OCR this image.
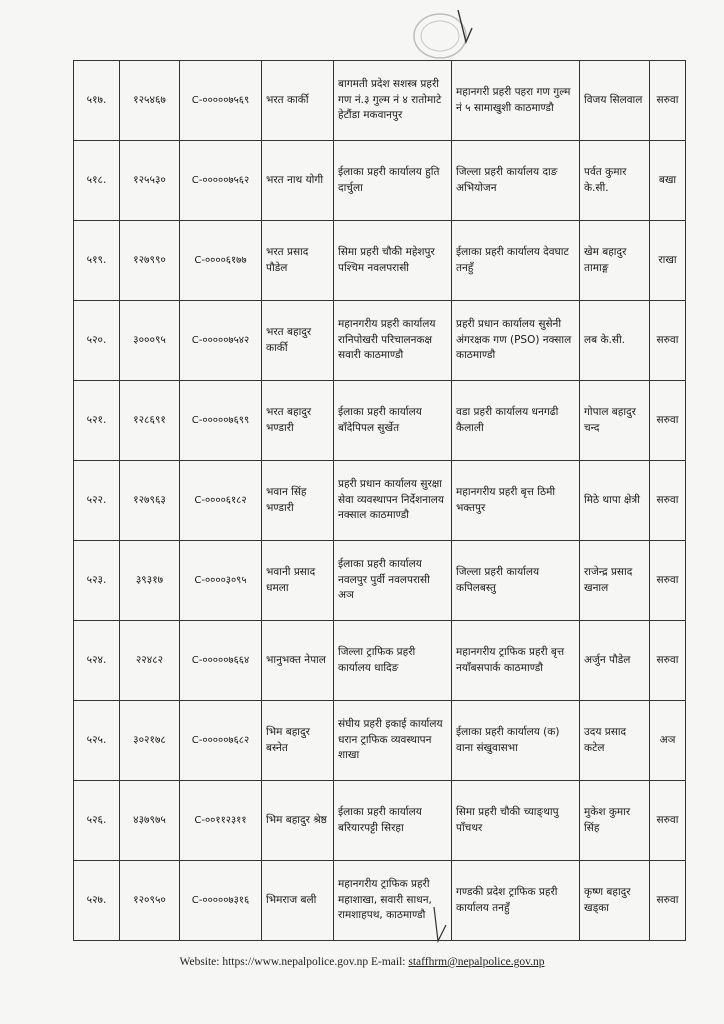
५१७.	१२५४६७	C-०००००७५६९	भरत कार्की	बागमती प्रदेश सशस्त्र प्रहरी गण नं.३ गुल्म नं ४ रातोमाटे हेटौंडा मकवानपुर	महानगरी प्रहरी पहरा गण गुल्म नं ५ सामाखुशी काठमाण्डौ	विजय सिलवाल	सरुवा
५१८.	१२५५३०	C-०००००७५६२	भरत नाथ योगी	ईलाका प्रहरी कार्यालय हुति दार्चुला	जिल्ला प्रहरी कार्यालय दाङ अभियोजन	पर्वत कुमार के.सी.	बखा
५१९.	१२७९९०	C-००००६१७७	भरत प्रसाद पौडेल	सिमा प्रहरी चौकी महेशपुर पश्चिम नवलपरासी	ईलाका प्रहरी कार्यालय देवघाट तनहुँ	खेम बहादुर तामाङ्ग	राखा
५२०.	३०००९५	C-०००००७५४२	भरत बहादुर कार्की	महानगरीय प्रहरी कार्यालय रानिपोखरी परिचालनकक्ष सवारी काठमाण्डौ	प्रहरी प्रधान कार्यालय सुसेनी अंगरक्षक गण (PSO) नक्साल काठमाण्डौ	लब के.सी.	सरुवा
५२१.	१२८६९१	C-०००००७६९९	भरत बहादुर भण्डारी	ईलाका प्रहरी कार्यालय बाँदेपिपल सुर्खेत	वडा प्रहरी कार्यालय धनगढी कैलाली	गोपाल बहादुर चन्द	सरुवा
५२२.	१२७९६३	C-००००६१८२	भवान सिंह भण्डारी	प्रहरी प्रधान कार्यालय सुरक्षा सेवा व्यवस्थापन निर्देशनालय नक्साल काठमाण्डौ	महानगरीय प्रहरी बृत्त ठिमी भक्तपुर	मिठे थापा क्षेत्री	सरुवा
५२३.	३९३१७	C-००००३०९५	भवानी प्रसाद धमला	ईलाका प्रहरी कार्यालय नवलपुर पुर्वी नवलपरासी अञ	जिल्ला प्रहरी कार्यालय कपिलबस्तु	राजेन्द्र प्रसाद खनाल	सरुवा
५२४.	२२४८२	C-०००००७६६४	भानुभक्त नेपाल	जिल्ला ट्राफिक प्रहरी कार्यालय धादिङ	महानगरीय ट्राफिक प्रहरी बृत्त नयाँबसपार्क काठमाण्डौ	अर्जुन पौडेल	सरुवा
५२५.	३०२१७८	C-०००००७६८२	भिम बहादुर बस्नेत	संघीय प्रहरी इकाई कार्यालय धरान ट्राफिक व्यवस्थापन शाखा	ईलाका प्रहरी कार्यालय (क) वाना संखुवासभा	उदय प्रसाद कटेल	अञ
५२६.	४३७९७५	C-००११२३११	भिम बहादुर श्रेष्ठ	ईलाका प्रहरी कार्यालय बरियारपट्टी सिरहा	सिमा प्रहरी चौकी च्याङ्थापु पाँचथर	मुकेश कुमार सिंह	सरुवा
५२७.	१२०९५०	C-०००००७३१६	भिमराज बली	महानगरीय ट्राफिक प्रहरी महाशाखा, सवारी साधन, रामशाहपथ, काठमाण्डौ	गण्डकी प्रदेश ट्राफिक प्रहरी कार्यालय तनहुँ	कृष्ण बहादुर खड्का	सरुवा
Website: https://www.nepalpolice.gov.np E-mail: staffhrm@nepalpolice.gov.np
